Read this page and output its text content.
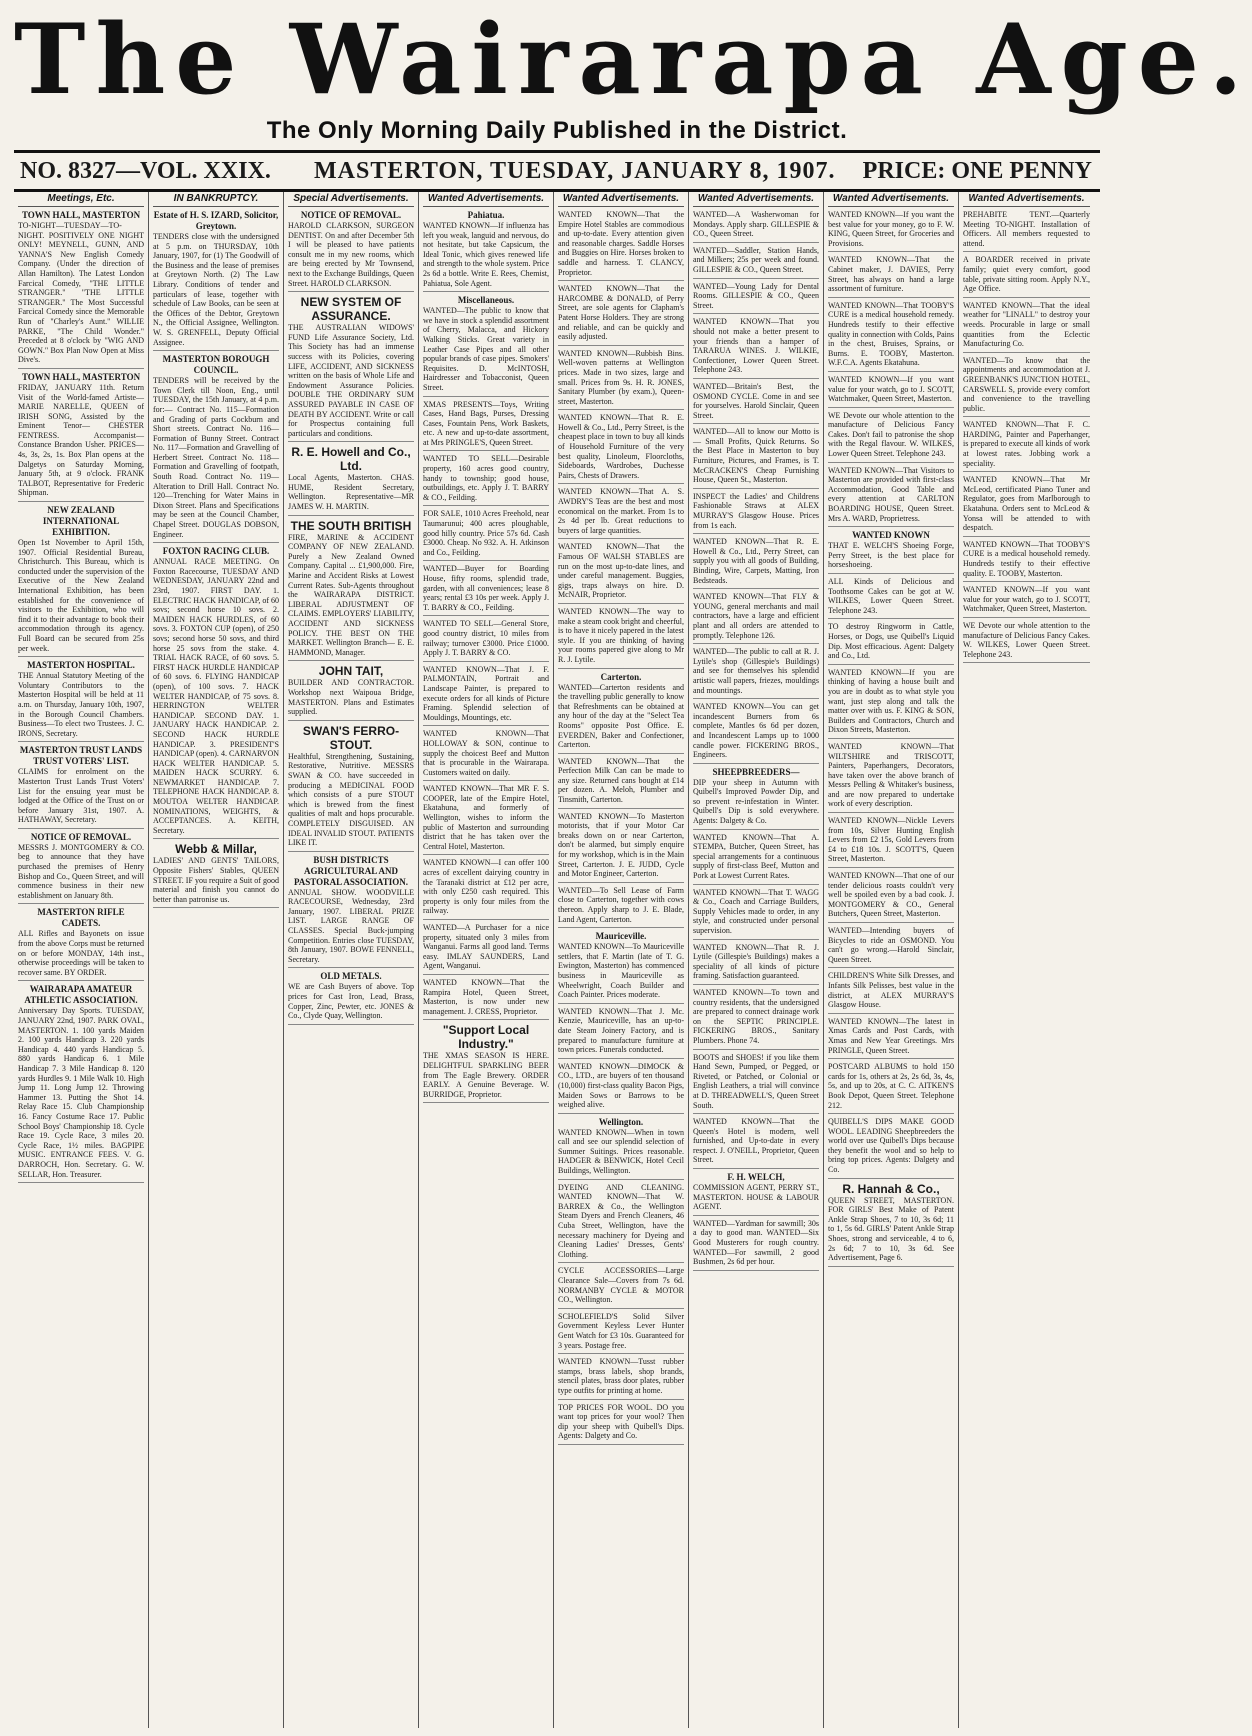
The Wairarapa Age.
The Only Morning Daily Published in the District.
NO. 8327—VOL. XXIX. MASTERTON, TUESDAY, JANUARY 8, 1907. PRICE: ONE PENNY
Meetings, Etc.
TOWN HALL, MASTERTON
TO-NIGHT—TUESDAY—TO-NIGHT. POSITIVELY ONE NIGHT ONLY! MEYNELL, GUNN, AND YANNA'S New English Comedy Company. (Under the direction of Allan Hamilton). The Latest London Farcical Comedy, "THE LITTLE STRANGER." "THE LITTLE STRANGER." The Most Successful Farcical Comedy since the Memorable Run of "Charley's Aunt." WILLIE PARKE, "The Child Wonder." Preceded at 8 o'clock by "WIG AND GOWN." Box Plan Now Open at Miss Dive's.
TOWN HALL, MASTERTON
FRIDAY, JANUARY 11th. Return Visit of the World-famed Artiste— MARIE NARELLE, QUEEN of IRISH SONG, Assisted by the Eminent Tenor— CHESTER FENTRESS. Accompanist—Constance Brandon Usher. PRICES—4s, 3s, 2s, 1s. Box Plan opens at the Dalgetys on Saturday Morning, January 5th, at 9 o'clock. FRANK TALBOT, Representative for Frederic Shipman.
NEW ZEALAND INTERNATIONAL EXHIBITION.
Open 1st November to April 15th, 1907. Official Residential Bureau, Christchurch. This Bureau, which is conducted under the supervision of the Executive of the New Zealand International Exhibition, has been established for the convenience of visitors to the Exhibition, who will find it to their advantage to book their accommodation through its agency. Full Board can be secured from 25s per week.
MASTERTON HOSPITAL.
THE Annual Statutory Meeting of the Voluntary Contributors to the Masterton Hospital will be held at 11 a.m. on Thursday, January 10th, 1907, in the Borough Council Chambers. Business—To elect two Trustees. J. C. IRONS, Secretary.
MASTERTON TRUST LANDS TRUST VOTERS' LIST.
CLAIMS for enrolment on the Masterton Trust Lands Trust Voters' List for the ensuing year must be lodged at the Office of the Trust on or before January 31st, 1907. A. HATHAWAY, Secretary.
NOTICE OF REMOVAL.
MESSRS J. MONTGOMERY & CO. beg to announce that they have purchased the premises of Henry Bishop and Co., Queen Street, and will commence business in their new establishment on January 8th.
MASTERTON RIFLE CADETS.
ALL Rifles and Bayonets on issue from the above Corps must be returned on or before MONDAY, 14th inst., otherwise proceedings will be taken to recover same. BY ORDER.
WAIRARAPA AMATEUR ATHLETIC ASSOCIATION.
Anniversary Day Sports. TUESDAY, JANUARY 22nd, 1907. PARK OVAL, MASTERTON. 1. 100 yards Maiden 2. 100 yards Handicap 3. 220 yards Handicap 4. 440 yards Handicap 5. 880 yards Handicap 6. 1 Mile Handicap 7. 3 Mile Handicap 8. 120 yards Hurdles 9. 1 Mile Walk 10. High Jump 11. Long Jump 12. Throwing Hammer 13. Putting the Shot 14. Relay Race 15. Club Championship 16. Fancy Costume Race 17. Public School Boys' Championship 18. Cycle Race 19. Cycle Race, 3 miles 20. Cycle Race, 1½ miles. BAGPIPE MUSIC. ENTRANCE FEES. V. G. DARROCH, Hon. Secretary. G. W. SELLAR, Hon. Treasurer.
IN BANKRUPTCY.
Estate of H. S. IZARD, Solicitor, Greytown.
TENDERS close with the undersigned at 5 p.m. on THURSDAY, 10th January, 1907, for (1) The Goodwill of the Business and the lease of premises at Greytown North. (2) The Law Library. Conditions of tender and particulars of lease, together with schedule of Law Books, can be seen at the Offices of the Debtor, Greytown N., the Official Assignee, Wellington. W. S. GRENFELL, Deputy Official Assignee.
MASTERTON BOROUGH COUNCIL.
TENDERS will be received by the Town Clerk till Noon, Eng., until TUESDAY, the 15th January, at 4 p.m. for:— Contract No. 115—Formation and Grading of parts Cockburn and Short streets. Contract No. 116—Formation of Bunny Street. Contract No. 117—Formation and Gravelling of Herbert Street. Contract No. 118—Formation and Gravelling of footpath, South Road. Contract No. 119—Alteration to Drill Hall. Contract No. 120—Trenching for Water Mains in Dixon Street. Plans and Specifications may be seen at the Council Chamber, Chapel Street. DOUGLAS DOBSON, Engineer.
FOXTON RACING CLUB.
ANNUAL RACE MEETING. On Foxton Racecourse, TUESDAY AND WEDNESDAY, JANUARY 22nd and 23rd, 1907. FIRST DAY. 1. ELECTRIC HACK HANDICAP, of 60 sovs; second horse 10 sovs. 2. MAIDEN HACK HURDLES, of 60 sovs. 3. FOXTON CUP (open), of 250 sovs; second horse 50 sovs, and third horse 25 sovs from the stake. 4. TRIAL HACK RACE, of 60 sovs. 5. FIRST HACK HURDLE HANDICAP of 60 sovs. 6. FLYING HANDICAP (open), of 100 sovs. 7. HACK WELTER HANDICAP, of 75 sovs. 8. HERRINGTON WELTER HANDICAP. SECOND DAY. 1. JANUARY HACK HANDICAP. 2. SECOND HACK HURDLE HANDICAP. 3. PRESIDENT'S HANDICAP (open). 4. CARNARVON HACK WELTER HANDICAP. 5. MAIDEN HACK SCURRY. 6. NEWMARKET HANDICAP. 7. TELEPHONE HACK HANDICAP. 8. MOUTOA WELTER HANDICAP. NOMINATIONS, WEIGHTS, & ACCEPTANCES. A. KEITH, Secretary.
Webb & Millar,
LADIES' AND GENTS' TAILORS, Opposite Fishers' Stables, QUEEN STREET. IF you require a Suit of good material and finish you cannot do better than patronise us.
Special Advertisements.
NOTICE OF REMOVAL.
HAROLD CLARKSON, SURGEON DENTIST. On and after December 5th I will be pleased to have patients consult me in my new rooms, which are being erected by Mr Townsend, next to the Exchange Buildings, Queen Street. HAROLD CLARKSON.
NEW SYSTEM OF ASSURANCE.
THE AUSTRALIAN WIDOWS' FUND Life Assurance Society, Ltd. This Society has had an immense success with its Policies, covering LIFE, ACCIDENT, AND SICKNESS written on the basis of Whole Life and Endowment Assurance Policies. DOUBLE THE ORDINARY SUM ASSURED PAYABLE IN CASE OF DEATH BY ACCIDENT. Write or call for Prospectus containing full particulars and conditions.
R. E. Howell and Co., Ltd.
Local Agents, Masterton. CHAS. HUME, Resident Secretary, Wellington. Representative—MR JAMES W. H. MARTIN.
THE SOUTH BRITISH
FIRE, MARINE & ACCIDENT COMPANY OF NEW ZEALAND. Purely a New Zealand Owned Company. Capital ... £1,900,000. Fire, Marine and Accident Risks at Lowest Current Rates. Sub-Agents throughout the WAIRARAPA DISTRICT. LIBERAL ADJUSTMENT OF CLAIMS. EMPLOYERS' LIABILITY, ACCIDENT AND SICKNESS POLICY. THE BEST ON THE MARKET. Wellington Branch— E. E. HAMMOND, Manager.
JOHN TAIT,
BUILDER AND CONTRACTOR. Workshop next Waipoua Bridge, MASTERTON. Plans and Estimates supplied.
SWAN'S FERRO-STOUT.
Healthful, Strengthening, Sustaining, Restorative, Nutritive. MESSRS SWAN & CO. have succeeded in producing a MEDICINAL FOOD which consists of a pure STOUT which is brewed from the finest qualities of malt and hops procurable. COMPLETELY DISGUISED. AN IDEAL INVALID STOUT. PATIENTS LIKE IT.
BUSH DISTRICTS AGRICULTURAL AND PASTORAL ASSOCIATION.
ANNUAL SHOW. WOODVILLE RACECOURSE, Wednesday, 23rd January, 1907. LIBERAL PRIZE LIST. LARGE RANGE OF CLASSES. Special Buck-jumping Competition. Entries close TUESDAY, 8th January, 1907. BOWE FENNELL, Secretary.
OLD METALS.
WE are Cash Buyers of above. Top prices for Cast Iron, Lead, Brass, Copper, Zinc, Pewter, etc. JONES & Co., Clyde Quay, Wellington.
Wanted Advertisements.
Pahiatua.
WANTED KNOWN—If influenza has left you weak, languid and nervous, do not hesitate, but take Capsicum, the Ideal Tonic, which gives renewed life and strength to the whole system. Price 2s 6d a bottle. Write E. Rees, Chemist, Pahiatua, Sole Agent.
Miscellaneous.
WANTED—The public to know that we have in stock a splendid assortment of Cherry, Malacca, and Hickory Walking Sticks. Great variety in Leather Case Pipes and all other popular brands of case pipes. Smokers' Requisites. D. McINTOSH, Hairdresser and Tobacconist, Queen Street.
XMAS PRESENTS—Toys, Writing Cases, Hand Bags, Purses, Dressing Cases, Fountain Pens, Work Baskets, etc. A new and up-to-date assortment, at Mrs PRINGLE'S, Queen Street.
WANTED TO SELL—Desirable property, 160 acres good country, handy to township; good house, outbuildings, etc. Apply J. T. BARRY & CO., Feilding.
FOR SALE, 1010 Acres Freehold, near Taumarunui; 400 acres ploughable, good hilly country. Price 57s 6d. Cash £3000. Cheap. No 932. A. H. Atkinson and Co., Feilding.
WANTED—Buyer for Boarding House, fifty rooms, splendid trade, garden, with all conveniences; lease 8 years; rental £3 10s per week. Apply J. T. BARRY & CO., Feilding.
WANTED TO SELL—General Store, good country district, 10 miles from railway; turnover £3000. Price £1000. Apply J. T. BARRY & CO.
WANTED KNOWN—That J. F. PALMONTAIN, Portrait and Landscape Painter, is prepared to execute orders for all kinds of Picture Framing. Splendid selection of Mouldings, Mountings, etc.
WANTED KNOWN—That HOLLOWAY & SON, continue to supply the choicest Beef and Mutton that is procurable in the Wairarapa. Customers waited on daily.
WANTED KNOWN—That MR F. S. COOPER, late of the Empire Hotel, Ekatahuna, and formerly of Wellington, wishes to inform the public of Masterton and surrounding district that he has taken over the Central Hotel, Masterton.
WANTED KNOWN—I can offer 100 acres of excellent dairying country in the Taranaki district at £12 per acre, with only £250 cash required. This property is only four miles from the railway.
WANTED—A Purchaser for a nice property, situated only 3 miles from Wanganui. Farms all good land. Terms easy. IMLAY SAUNDERS, Land Agent, Wanganui.
WANTED KNOWN—That the Rampira Hotel, Queen Street, Masterton, is now under new management. J. CRESS, Proprietor.
"Support Local Industry."
THE XMAS SEASON IS HERE. DELIGHTFUL SPARKLING BEER from The Eagle Brewery. ORDER EARLY. A Genuine Beverage. W. BURRIDGE, Proprietor.
Wanted Advertisements.
WANTED KNOWN—That the Empire Hotel Stables are commodious and up-to-date. Every attention given and reasonable charges. Saddle Horses and Buggies on Hire. Horses broken to saddle and harness. T. CLANCY, Proprietor.
WANTED KNOWN—That the HARCOMBE & DONALD, of Perry Street, are sole agents for Clapham's Patent Horse Holders. They are strong and reliable, and can be quickly and easily adjusted.
WANTED KNOWN—Rubbish Bins. Well-woven patterns at Wellington prices. Made in two sizes, large and small. Prices from 9s. H. R. JONES, Sanitary Plumber (by exam.), Queen-street, Masterton.
WANTED KNOWN—That R. E. Howell & Co., Ltd., Perry Street, is the cheapest place in town to buy all kinds of Household Furniture of the very best quality, Linoleum, Floorcloths, Sideboards, Wardrobes, Duchesse Pairs, Chests of Drawers.
WANTED KNOWN—That A. S. AWDRY'S Teas are the best and most economical on the market. From 1s to 2s 4d per lb. Great reductions to buyers of large quantities.
WANTED KNOWN—That the Famous OF WALSH STABLES are run on the most up-to-date lines, and under careful management. Buggies, gigs, traps always on hire. D. McNAIR, Proprietor.
WANTED KNOWN—The way to make a steam cook bright and cheerful, is to have it nicely papered in the latest style. If you are thinking of having your rooms papered give along to Mr R. J. Lytile.
Carterton.
WANTED—Carterton residents and the travelling public generally to know that Refreshments can be obtained at any hour of the day at the "Select Tea Rooms" opposite Post Office. E. EVERDEN, Baker and Confectioner, Carterton.
WANTED KNOWN—That the Perfection Milk Can can be made to any size. Returned cans bought at £14 per dozen. A. Meloh, Plumber and Tinsmith, Carterton.
WANTED KNOWN—To Masterton motorists, that if your Motor Car breaks down on or near Carterton, don't be alarmed, but simply enquire for my workshop, which is in the Main Street, Carterton. J. E. JUDD, Cycle and Motor Engineer, Carterton.
WANTED—To Sell Lease of Farm close to Carterton, together with cows thereon. Apply sharp to J. E. Blade, Land Agent, Carterton.
Mauriceville.
WANTED KNOWN—To Mauriceville settlers, that F. Martin (late of T. G. Ewington, Masterton) has commenced business in Mauriceville as Wheelwright, Coach Builder and Coach Painter. Prices moderate.
WANTED KNOWN—That J. Mc. Kenzie, Mauriceville, has an up-to-date Steam Joinery Factory, and is prepared to manufacture furniture at town prices. Funerals conducted.
WANTED KNOWN—DIMOCK & CO., LTD., are buyers of ten thousand (10,000) first-class quality Bacon Pigs, Maiden Sows or Barrows to be weighed alive.
Wellington.
WANTED KNOWN—When in town call and see our splendid selection of Summer Suitings. Prices reasonable. HADGER & BENWICK, Hotel Cecil Buildings, Wellington.
DYEING AND CLEANING. WANTED KNOWN—That W. BARREX & Co., the Wellington Steam Dyers and French Cleaners, 46 Cuba Street, Wellington, have the necessary machinery for Dyeing and Cleaning Ladies' Dresses, Gents' Clothing.
CYCLE ACCESSORIES—Large Clearance Sale—Covers from 7s 6d. NORMANBY CYCLE & MOTOR CO., Wellington.
SCHOLEFIELD'S Solid Silver Government Keyless Lever Hunter Gent Watch for £3 10s. Guaranteed for 3 years. Postage free.
WANTED KNOWN—Tusst rubber stamps, brass labels, shop brands, stencil plates, brass door plates, rubber type outfits for printing at home.
TOP PRICES FOR WOOL. DO you want top prices for your wool? Then dip your sheep with Quibell's Dips. Agents: Dalgety and Co.
Wanted Advertisements.
WANTED—A Washerwoman for Mondays. Apply sharp. GILLESPIE & CO., Queen Street.
WANTED—Saddler, Station Hands, and Milkers; 25s per week and found. GILLESPIE & CO., Queen Street.
WANTED—Young Lady for Dental Rooms. GILLESPIE & CO., Queen Street.
WANTED KNOWN—That you should not make a better present to your friends than a hamper of TARARUA WINES. J. WILKIE, Confectioner, Lower Queen Street. Telephone 243.
WANTED—Britain's Best, the OSMOND CYCLE. Come in and see for yourselves. Harold Sinclair, Queen Street.
WANTED—All to know our Motto is— Small Profits, Quick Returns. So the Best Place in Masterton to buy Furniture, Pictures, and Frames, is T. McCRACKEN'S Cheap Furnishing House, Queen St., Masterton.
INSPECT the Ladies' and Childrens Fashionable Straws at ALEX MURRAY'S Glasgow House. Prices from 1s each.
WANTED KNOWN—That R. E. Howell & Co., Ltd., Perry Street, can supply you with all goods of Building, Binding, Wire, Carpets, Matting, Iron Bedsteads.
WANTED KNOWN—That FLY & YOUNG, general merchants and mail contractors, have a large and efficient plant and all orders are attended to promptly. Telephone 126.
WANTED—The public to call at R. J. Lytile's shop (Gillespie's Buildings) and see for themselves his splendid artistic wall papers, friezes, mouldings and mountings.
WANTED KNOWN—You can get incandescent Burners from 6s complete, Mantles 6s 6d per dozen, and Incandescent Lamps up to 1000 candle power. FICKERING BROS., Engineers.
SHEEPBREEDERS—
DIP your sheep in Autumn with Quibell's Improved Powder Dip, and so prevent re-infestation in Winter. Quibell's Dip is sold everywhere. Agents: Dalgety & Co.
WANTED KNOWN—That A. STEMPA, Butcher, Queen Street, has special arrangements for a continuous supply of first-class Beef, Mutton and Pork at Lowest Current Rates.
WANTED KNOWN—That T. WAGG & Co., Coach and Carriage Builders, Supply Vehicles made to order, in any style, and constructed under personal supervision.
WANTED KNOWN—That R. J. Lytile (Gillespie's Buildings) makes a speciality of all kinds of picture framing. Satisfaction guaranteed.
WANTED KNOWN—To town and country residents, that the undersigned are prepared to connect drainage work on the SEPTIC PRINCIPLE. FICKERING BROS., Sanitary Plumbers. Phone 74.
BOOTS and SHOES! if you like them Hand Sewn, Pumped, or Pegged, or Riveted, or Patched, or Colonial or English Leathers, a trial will convince at D. THREADWELL'S, Queen Street South.
WANTED KNOWN—That the Queen's Hotel is modern, well furnished, and Up-to-date in every respect. J. O'NEILL, Proprietor, Queen Street.
F. H. WELCH,
COMMISSION AGENT, PERRY ST., MASTERTON. HOUSE & LABOUR AGENT.
WANTED—Yardman for sawmill; 30s a day to good man. WANTED—Six Good Musterers for rough country. WANTED—For sawmill, 2 good Bushmen, 2s 6d per hour.
Wanted Advertisements.
WANTED KNOWN—If you want the best value for your money, go to F. W. KING, Queen Street, for Groceries and Provisions.
WANTED KNOWN—That the Cabinet maker, J. DAVIES, Perry Street, has always on hand a large assortment of furniture.
WANTED KNOWN—That TOOBY'S CURE is a medical household remedy. Hundreds testify to their effective quality in connection with Colds, Pains in the chest, Bruises, Sprains, or Burns. E. TOOBY, Masterton. W.F.C.A. Agents Ekatahuna.
WANTED KNOWN—If you want value for your watch, go to J. SCOTT, Watchmaker, Queen Street, Masterton.
WE Devote our whole attention to the manufacture of Delicious Fancy Cakes. Don't fail to patronise the shop with the Regal flavour. W. WILKES, Lower Queen Street. Telephone 243.
WANTED KNOWN—That Visitors to Masterton are provided with first-class Accommodation, Good Table and every attention at CARLTON BOARDING HOUSE, Queen Street. Mrs A. WARD, Proprietress.
WANTED KNOWN
THAT E. WELCH'S Shoeing Forge, Perry Street, is the best place for horseshoeing.
ALL Kinds of Delicious and Toothsome Cakes can be got at W. WILKES, Lower Queen Street. Telephone 243.
TO destroy Ringworm in Cattle, Horses, or Dogs, use Quibell's Liquid Dip. Most efficacious. Agent: Dalgety and Co., Ltd.
WANTED KNOWN—If you are thinking of having a house built and you are in doubt as to what style you want, just step along and talk the matter over with us. F. KING & SON, Builders and Contractors, Church and Dixon Streets, Masterton.
WANTED KNOWN—That WILTSHIRE and TRISCOTT, Painters, Paperhangers, Decorators, have taken over the above branch of Messrs Pelling & Whitaker's business, and are now prepared to undertake work of every description.
WANTED KNOWN—Nickle Levers from 10s, Silver Hunting English Levers from £2 15s, Gold Levers from £4 to £18 10s. J. SCOTT'S, Queen Street, Masterton.
WANTED KNOWN—That one of our tender delicious roasts couldn't very well be spoiled even by a bad cook. J. MONTGOMERY & CO., General Butchers, Queen Street, Masterton.
WANTED—Intending buyers of Bicycles to ride an OSMOND. You can't go wrong.—Harold Sinclair, Queen Street.
CHILDREN'S White Silk Dresses, and Infants Silk Pelisses, best value in the district, at ALEX MURRAY'S Glasgow House.
WANTED KNOWN—The latest in Xmas Cards and Post Cards, with Xmas and New Year Greetings. Mrs PRINGLE, Queen Street.
POSTCARD ALBUMS to hold 150 cards for 1s, others at 2s, 2s 6d, 3s, 4s, 5s, and up to 20s, at C. C. AITKEN'S Book Depot, Queen Street. Telephone 212.
QUIBELL'S DIPS MAKE GOOD WOOL. LEADING Sheepbreeders the world over use Quibell's Dips because they benefit the wool and so help to bring top prices. Agents: Dalgety and Co.
R. Hannah & Co.,
QUEEN STREET, MASTERTON. FOR GIRLS' Best Make of Patent Ankle Strap Shoes, 7 to 10, 3s 6d; 11 to 1, 5s 6d. GIRLS' Patent Ankle Strap Shoes, strong and serviceable, 4 to 6, 2s 6d; 7 to 10, 3s 6d. See Advertisement, Page 6.
Wanted Advertisements.
PREHABITE TENT.—Quarterly Meeting TO-NIGHT. Installation of Officers. All members requested to attend.
A BOARDER received in private family; quiet every comfort, good table, private sitting room. Apply N.Y., Age Office.
WANTED KNOWN—That the ideal weather for "LINALL" to destroy your weeds. Procurable in large or small quantities from the Eclectic Manufacturing Co.
WANTED—To know that the appointments and accommodation at J. GREENBANK'S JUNCTION HOTEL, CARSWELL S, provide every comfort and convenience to the travelling public.
WANTED KNOWN—That F. C. HARDING, Painter and Paperhanger, is prepared to execute all kinds of work at lowest rates. Jobbing work a speciality.
WANTED KNOWN—That Mr McLeod, certificated Piano Tuner and Regulator, goes from Marlborough to Ekatahuna. Orders sent to McLeod & Yonsa will be attended to with despatch.
WANTED KNOWN—That TOOBY'S CURE is a medical household remedy. Hundreds testify to their effective quality. E. TOOBY, Masterton.
WANTED KNOWN—If you want value for your watch, go to J. SCOTT, Watchmaker, Queen Street, Masterton.
WE Devote our whole attention to the manufacture of Delicious Fancy Cakes. W. WILKES, Lower Queen Street. Telephone 243.
